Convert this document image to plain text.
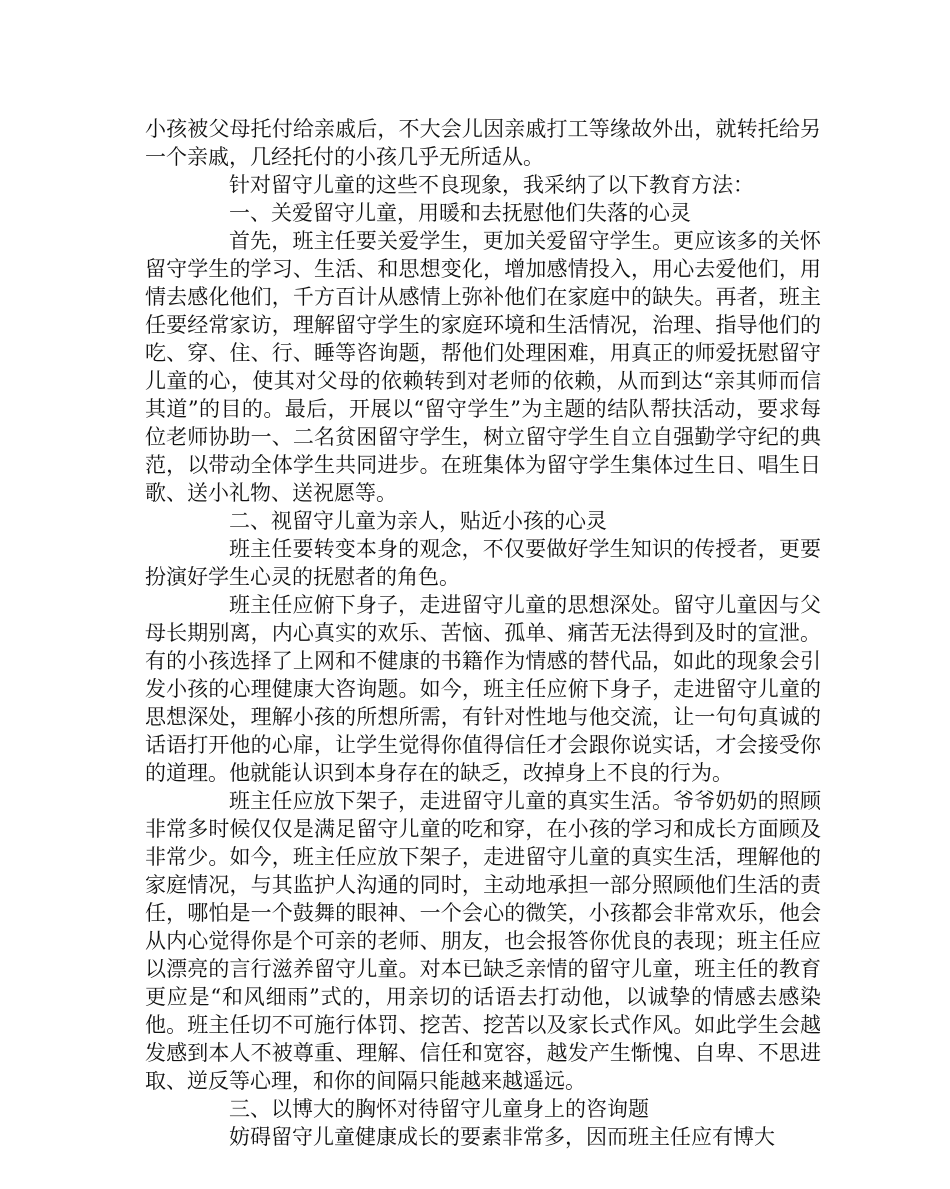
小孩被父母托付给亲戚后，不大会儿因亲戚打工等缘故外出，就转托给另一个亲戚，几经托付的小孩几乎无所适从。

针对留守儿童的这些不良现象，我采纳了以下教育方法：

一、关爱留守儿童，用暖和去抚慰他们失落的心灵

首先，班主任要关爱学生，更加关爱留守学生。更应该多的关怀留守学生的学习、生活、和思想变化，增加感情投入，用心去爱他们，用情去感化他们，千方百计从感情上弥补他们在家庭中的缺失。再者，班主任要经常家访，理解留守学生的家庭环境和生活情况，治理、指导他们的吃、穿、住、行、睡等咨询题，帮他们处理困难，用真正的师爱抚慰留守儿童的心，使其对父母的依赖转到对老师的依赖，从而到达“亲其师而信其道”的目的。最后，开展以“留守学生”为主题的结队帮扶活动，要求每位老师协助一、二名贫困留守学生，树立留守学生自立自强勤学守纪的典范，以带动全体学生共同进步。在班集体为留守学生集体过生日、唱生日歌、送小礼物、送祝愿等。

二、视留守儿童为亲人，贴近小孩的心灵

班主任要转变本身的观念，不仅要做好学生知识的传授者，更要扮演好学生心灵的抚慰者的角色。

班主任应俯下身子，走进留守儿童的思想深处。留守儿童因与父母长期别离，内心真实的欢乐、苦恼、孤单、痛苦无法得到及时的宣泄。有的小孩选择了上网和不健康的书籍作为情感的替代品，如此的现象会引发小孩的心理健康大咨询题。如今，班主任应俯下身子，走进留守儿童的思想深处，理解小孩的所想所需，有针对性地与他交流，让一句句真诚的话语打开他的心扉，让学生觉得你值得信任才会跟你说实话，才会接受你的道理。他就能认识到本身存在的缺乏，改掉身上不良的行为。

班主任应放下架子，走进留守儿童的真实生活。爷爷奶奶的照顾非常多时候仅仅是满足留守儿童的吃和穿，在小孩的学习和成长方面顾及非常少。如今，班主任应放下架子，走进留守儿童的真实生活，理解他的家庭情况，与其监护人沟通的同时，主动地承担一部分照顾他们生活的责任，哪怕是一个鼓舞的眼神、一个会心的微笑，小孩都会非常欢乐，他会从内心觉得你是个可亲的老师、朋友，也会报答你优良的表现；班主任应以漂亮的言行滋养留守儿童。对本已缺乏亲情的留守儿童，班主任的教育更应是“和风细雨”式的，用亲切的话语去打动他，以诚挚的情感去感染他。班主任切不可施行体罚、挖苦、挖苦以及家长式作风。如此学生会越发感到本人不被尊重、理解、信任和宽容，越发产生惭愧、自卑、不思进取、逆反等心理，和你的间隔只能越来越遥远。

三、以博大的胸怀对待留守儿童身上的咨询题

妨碍留守儿童健康成长的要素非常多，因而班主任应有博大
